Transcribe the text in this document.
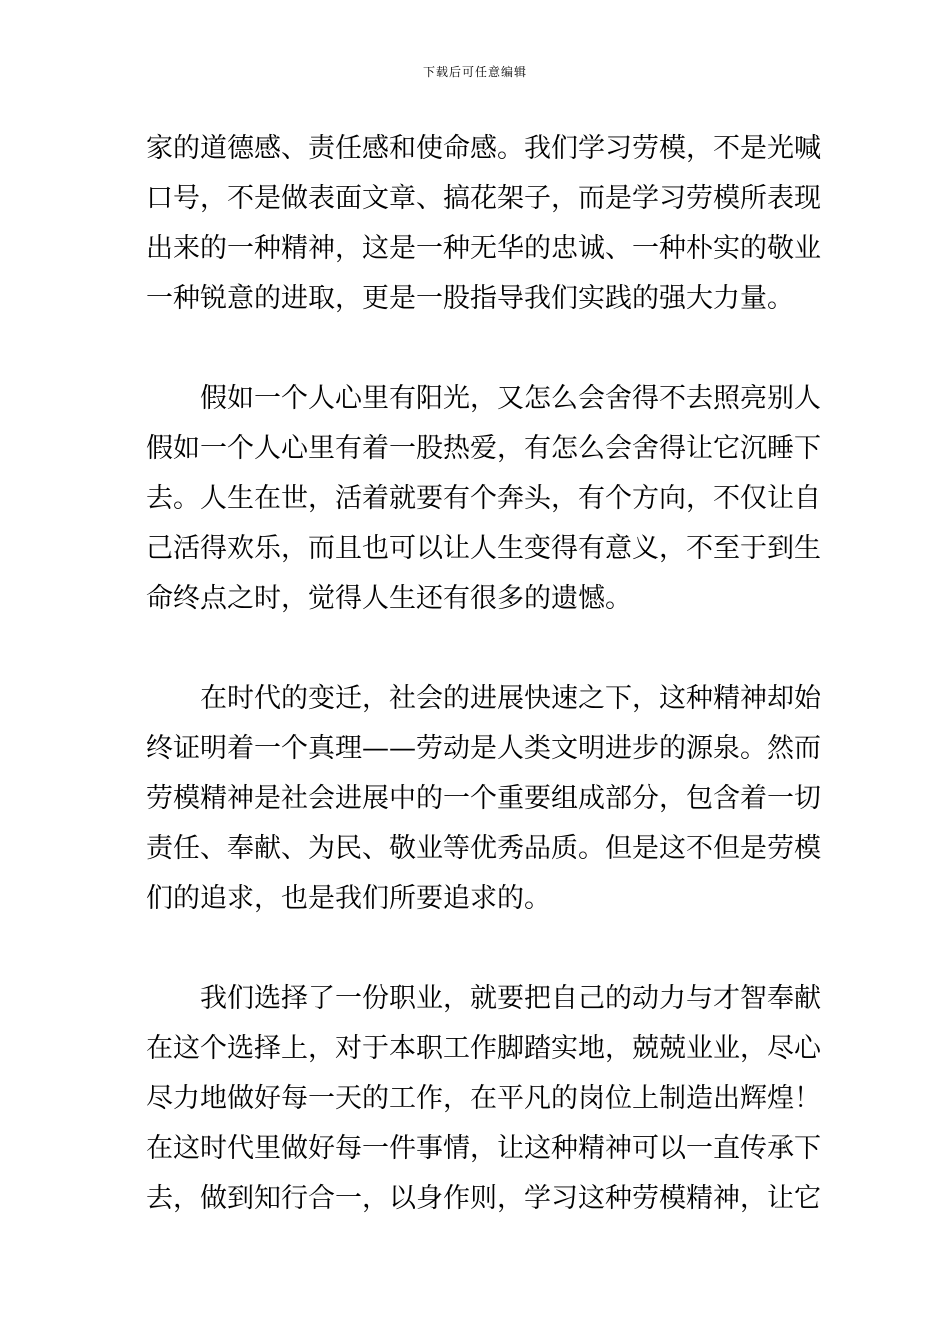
下载后可任意编辑
家的道德感、责任感和使命感。我们学习劳模，不是光喊
口号，不是做表面文章、搞花架子，而是学习劳模所表现
出来的一种精神，这是一种无华的忠诚、一种朴实的敬业
一种锐意的进取，更是一股指导我们实践的强大力量。
假如一个人心里有阳光，又怎么会舍得不去照亮别人
假如一个人心里有着一股热爱，有怎么会舍得让它沉睡下
去。人生在世，活着就要有个奔头，有个方向，不仅让自
己活得欢乐，而且也可以让人生变得有意义，不至于到生
命终点之时，觉得人生还有很多的遗憾。
在时代的变迁，社会的进展快速之下，这种精神却始
终证明着一个真理——劳动是人类文明进步的源泉。然而
劳模精神是社会进展中的一个重要组成部分，包含着一切
责任、奉献、为民、敬业等优秀品质。但是这不但是劳模
们的追求，也是我们所要追求的。
我们选择了一份职业，就要把自己的动力与才智奉献
在这个选择上，对于本职工作脚踏实地，兢兢业业，尽心
尽力地做好每一天的工作，在平凡的岗位上制造出辉煌！
在这时代里做好每一件事情，让这种精神可以一直传承下
去，做到知行合一，以身作则，学习这种劳模精神，让它
